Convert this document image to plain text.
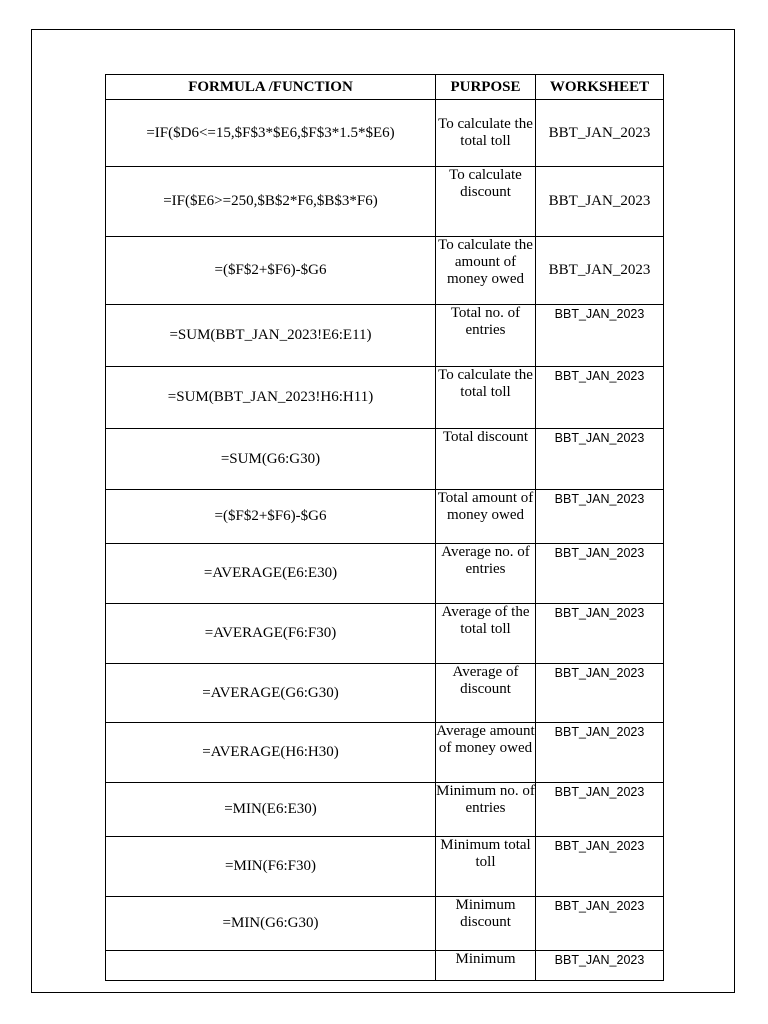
FORMULA /FUNCTION	PURPOSE	WORKSHEET
=IF($D6<=15,$F$3*$E6,$F$3*1.5*$E6)	To calculate the total toll	BBT_JAN_2023
=IF($E6>=250,$B$2*F6,$B$3*F6)	To calculate discount	BBT_JAN_2023
=($F$2+$F6)-$G6	To calculate the amount of money owed	BBT_JAN_2023
=SUM(BBT_JAN_2023!E6:E11)	Total no. of entries	BBT_JAN_2023
=SUM(BBT_JAN_2023!H6:H11)	To calculate the total toll	BBT_JAN_2023
=SUM(G6:G30)	Total discount	BBT_JAN_2023
=($F$2+$F6)-$G6	Total amount of money owed	BBT_JAN_2023
=AVERAGE(E6:E30)	Average no. of entries	BBT_JAN_2023
=AVERAGE(F6:F30)	Average of the total toll	BBT_JAN_2023
=AVERAGE(G6:G30)	Average of discount	BBT_JAN_2023
=AVERAGE(H6:H30)	Average amount of money owed	BBT_JAN_2023
=MIN(E6:E30)	Minimum no. of entries	BBT_JAN_2023
=MIN(F6:F30)	Minimum total toll	BBT_JAN_2023
=MIN(G6:G30)	Minimum discount	BBT_JAN_2023
	Minimum	BBT_JAN_2023
